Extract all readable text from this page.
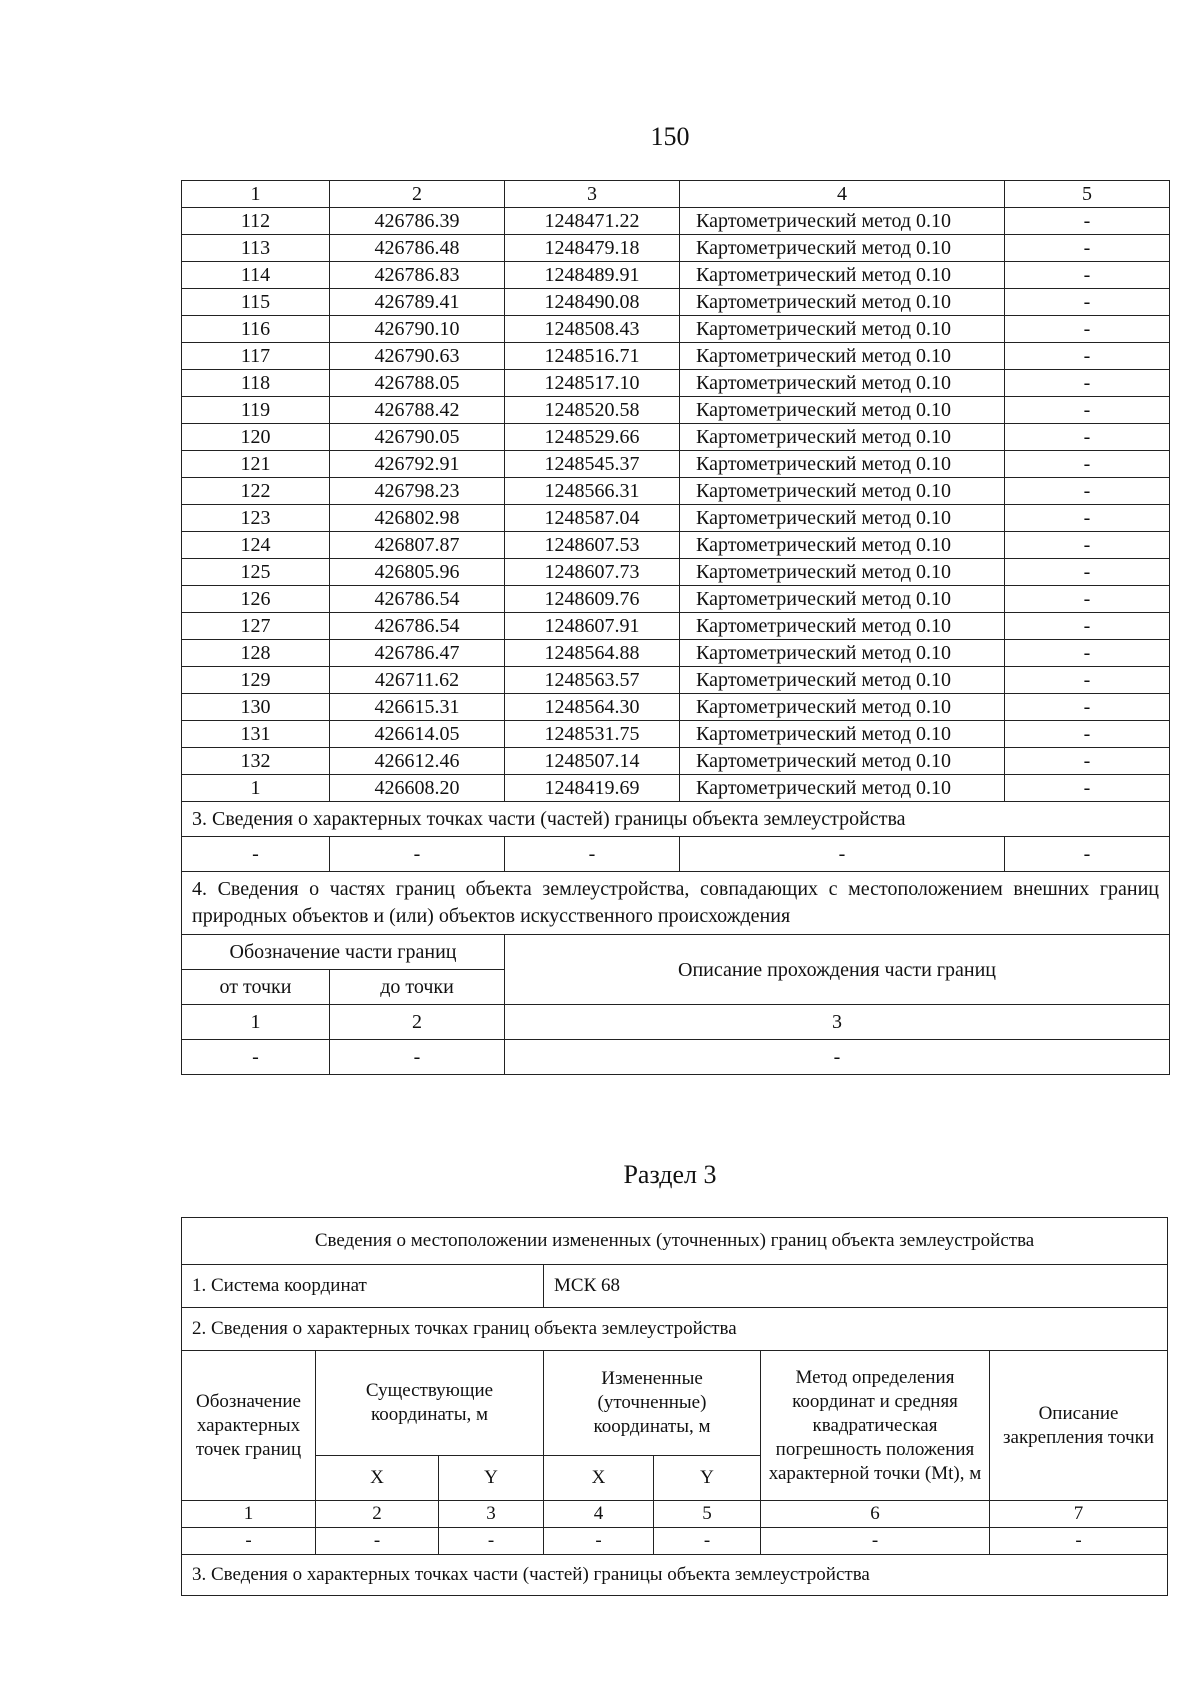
150
1	2	3	4	5
112	426786.39	1248471.22	Картометрический метод 0.10	-
113	426786.48	1248479.18	Картометрический метод 0.10	-
114	426786.83	1248489.91	Картометрический метод 0.10	-
115	426789.41	1248490.08	Картометрический метод 0.10	-
116	426790.10	1248508.43	Картометрический метод 0.10	-
117	426790.63	1248516.71	Картометрический метод 0.10	-
118	426788.05	1248517.10	Картометрический метод 0.10	-
119	426788.42	1248520.58	Картометрический метод 0.10	-
120	426790.05	1248529.66	Картометрический метод 0.10	-
121	426792.91	1248545.37	Картометрический метод 0.10	-
122	426798.23	1248566.31	Картометрический метод 0.10	-
123	426802.98	1248587.04	Картометрический метод 0.10	-
124	426807.87	1248607.53	Картометрический метод 0.10	-
125	426805.96	1248607.73	Картометрический метод 0.10	-
126	426786.54	1248609.76	Картометрический метод 0.10	-
127	426786.54	1248607.91	Картометрический метод 0.10	-
128	426786.47	1248564.88	Картометрический метод 0.10	-
129	426711.62	1248563.57	Картометрический метод 0.10	-
130	426615.31	1248564.30	Картометрический метод 0.10	-
131	426614.05	1248531.75	Картометрический метод 0.10	-
132	426612.46	1248507.14	Картометрический метод 0.10	-
1	426608.20	1248419.69	Картометрический метод 0.10	-
3. Сведения о характерных точках части (частей) границы объекта землеустройства				
-	-	-	-	-
4. Сведения о частях границ объекта землеустройства, совпадающих с местоположением внешних границ природных объектов и (или) объектов искусственного происхождения				
Обозначение части границ		Описание прохождения части границ		
от точки	до точки			
1	2	3		
-	-	-		
Раздел 3
Сведения о местоположении измененных (уточненных) границ объекта землеустройства						
1. Система координат			МСК 68			
2. Сведения о характерных точках границ объекта землеустройства						
Обозначение характерных точек границ	Существующие координаты, м		Измененные (уточненные) координаты, м		Метод определения координат и средняя квадратическая погрешность положения характерной точки (Mt), м	Описание закрепления точки
	X	Y	X	Y		
1	2	3	4	5	6	7
-	-	-	-	-	-	-
3. Сведения о характерных точках части (частей) границы объекта землеустройства						
